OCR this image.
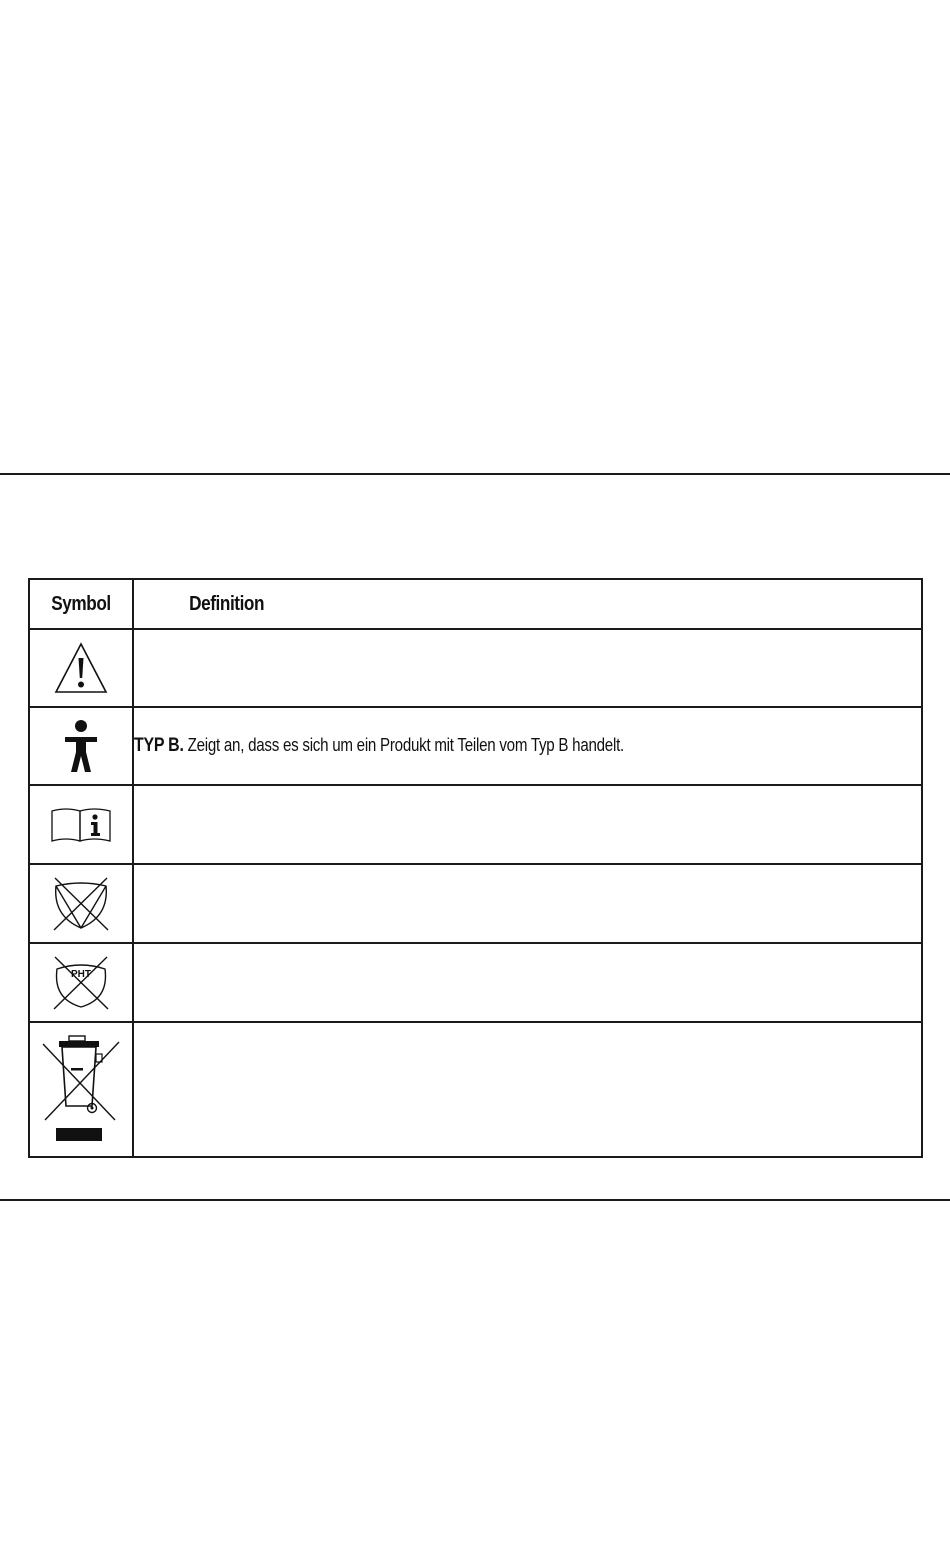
Symbol	Definition

	TYP B. Zeigt an, dass es sich um ein Produkt mit Teilen vom Typ B handelt.

PHT	
